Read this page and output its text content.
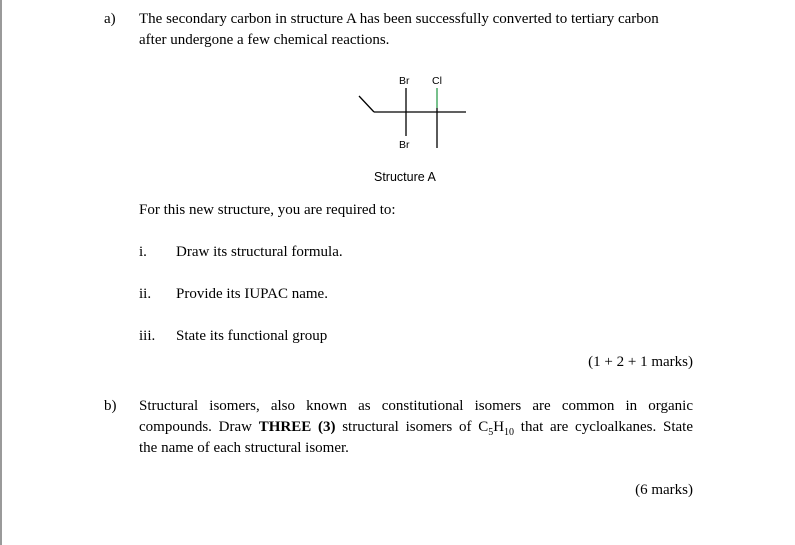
a) The secondary carbon in structure A has been successfully converted to tertiary carbon
after undergone a few chemical reactions.
Br Cl
Br
Structure A
For this new structure, you are required to:
i. Draw its structural formula.
ii. Provide its IUPAC name.
iii. State its functional group
(1 + 2 + 1 marks)
b) Structural isomers, also known as constitutional isomers are common in organic
compounds. Draw THREE (3) structural isomers of $C_5H_{10}$ that are cycloalkanes. State
the name of each structural isomer.
(6 marks)
